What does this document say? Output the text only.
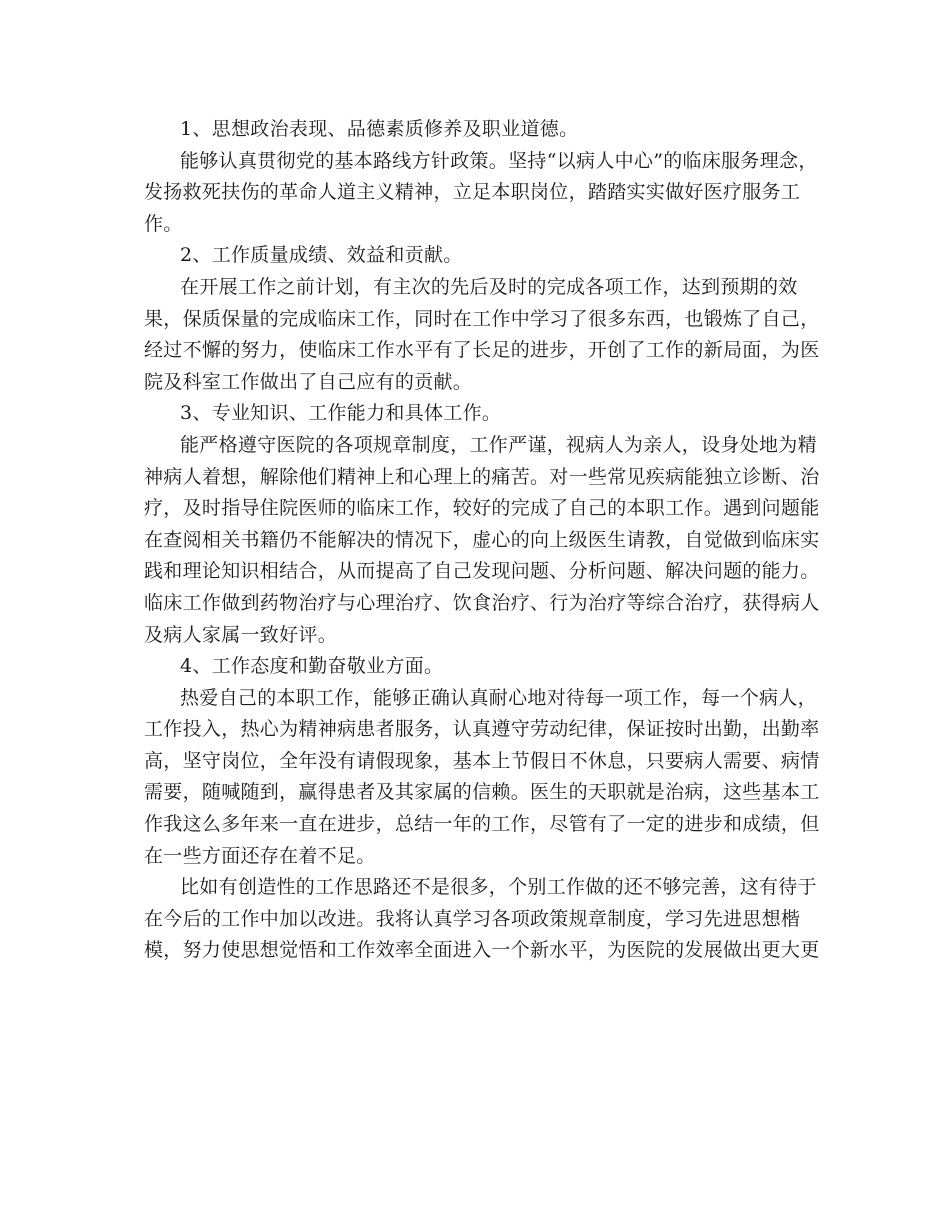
1、思想政治表现、品德素质修养及职业道德。

能够认真贯彻党的基本路线方针政策。坚持“以病人中心”的临床服务理念，

发扬救死扶伤的革命人道主义精神，立足本职岗位，踏踏实实做好医疗服务工

作。

2、工作质量成绩、效益和贡献。

在开展工作之前计划，有主次的先后及时的完成各项工作，达到预期的效

果，保质保量的完成临床工作，同时在工作中学习了很多东西，也锻炼了自己，

经过不懈的努力，使临床工作水平有了长足的进步，开创了工作的新局面，为医

院及科室工作做出了自己应有的贡献。

3、专业知识、工作能力和具体工作。

能严格遵守医院的各项规章制度，工作严谨，视病人为亲人，设身处地为精

神病人着想，解除他们精神上和心理上的痛苦。对一些常见疾病能独立诊断、治

疗，及时指导住院医师的临床工作，较好的完成了自己的本职工作。遇到问题能

在查阅相关书籍仍不能解决的情况下，虚心的向上级医生请教，自觉做到临床实

践和理论知识相结合，从而提高了自己发现问题、分析问题、解决问题的能力。

临床工作做到药物治疗与心理治疗、饮食治疗、行为治疗等综合治疗，获得病人

及病人家属一致好评。

4、工作态度和勤奋敬业方面。

热爱自己的本职工作，能够正确认真耐心地对待每一项工作，每一个病人，

工作投入，热心为精神病患者服务，认真遵守劳动纪律，保证按时出勤，出勤率

高，坚守岗位，全年没有请假现象，基本上节假日不休息，只要病人需要、病情

需要，随喊随到，赢得患者及其家属的信赖。医生的天职就是治病，这些基本工

作我这么多年来一直在进步，总结一年的工作，尽管有了一定的进步和成绩，但

在一些方面还存在着不足。

比如有创造性的工作思路还不是很多，个别工作做的还不够完善，这有待于

在今后的工作中加以改进。我将认真学习各项政策规章制度，学习先进思想楷

模，努力使思想觉悟和工作效率全面进入一个新水平，为医院的发展做出更大更
